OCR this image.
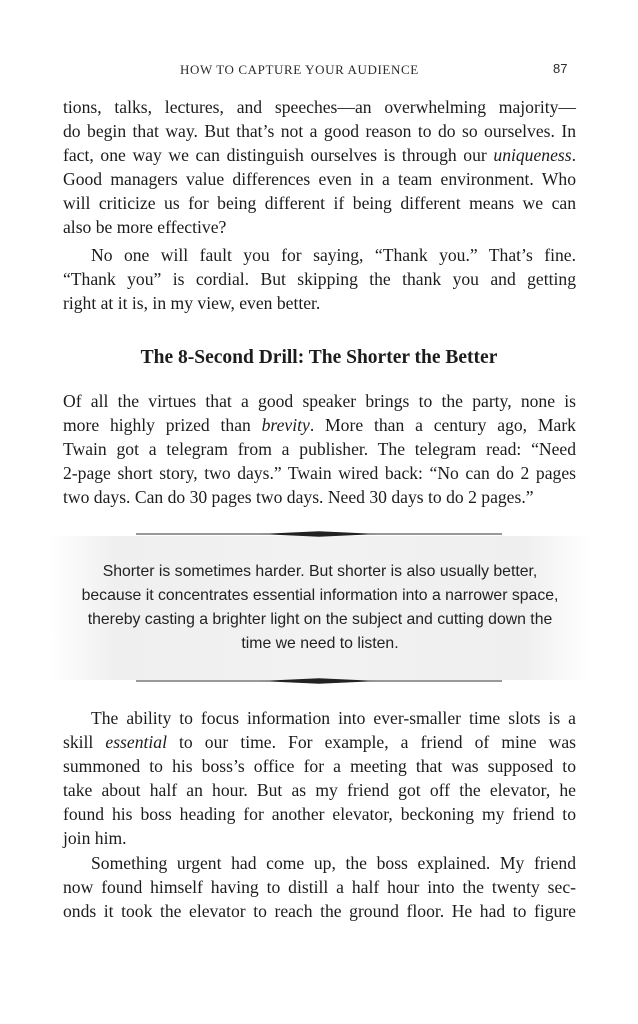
HOW TO CAPTURE YOUR AUDIENCE	87
tions, talks, lectures, and speeches—an overwhelming majority—
do begin that way. But that’s not a good reason to do so ourselves. In
fact, one way we can distinguish ourselves is through our uniqueness.
Good managers value differences even in a team environment. Who
will criticize us for being different if being different means we can
also be more effective?
No one will fault you for saying, “Thank you.” That’s fine.
“Thank you” is cordial. But skipping the thank you and getting
right at it is, in my view, even better.
The 8-Second Drill: The Shorter the Better
Of all the virtues that a good speaker brings to the party, none is
more highly prized than brevity. More than a century ago, Mark
Twain got a telegram from a publisher. The telegram read: “Need
2-page short story, two days.” Twain wired back: “No can do 2 pages
two days. Can do 30 pages two days. Need 30 days to do 2 pages.”
Shorter is sometimes harder. But shorter is also usually better,
because it concentrates essential information into a narrower space,
thereby casting a brighter light on the subject and cutting down the
time we need to listen.
The ability to focus information into ever-smaller time slots is a
skill essential to our time. For example, a friend of mine was
summoned to his boss’s office for a meeting that was supposed to
take about half an hour. But as my friend got off the elevator, he
found his boss heading for another elevator, beckoning my friend to
join him.
Something urgent had come up, the boss explained. My friend
now found himself having to distill a half hour into the twenty sec-
onds it took the elevator to reach the ground floor. He had to figure
